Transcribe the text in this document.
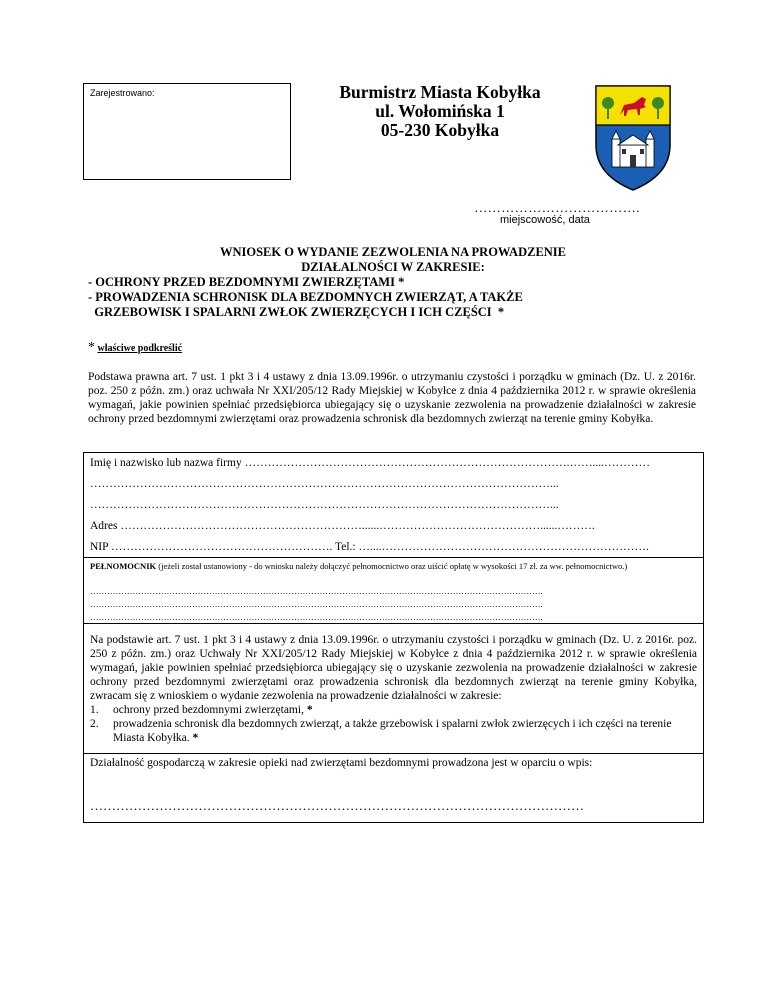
Zarejestrowano:	Burmistrz Miasta Kobyłka
ul. Wołomińska 1
05-230 Kobyłka
……………………………….
miejscowość, data
WNIOSEK O WYDANIE ZEZWOLENIA NA PROWADZENIE
DZIAŁALNOŚCI W ZAKRESIE:
- OCHRONY PRZED BEZDOMNYMI ZWIERZĘTAMI *
- PROWADZENIA SCHRONISK DLA BEZDOMNYCH ZWIERZĄT, A TAKŻE
GRZEBOWISK I SPALARNI ZWŁOK ZWIERZĘCYCH I ICH CZĘŚCI  *
* właściwe podkreślić
Podstawa prawna art. 7 ust. 1 pkt 3 i 4 ustawy z dnia 13.09.1996r. o utrzymaniu czystości i porządku w gminach (Dz. U. z 2016r. poz. 250 z późn. zm.) oraz uchwała Nr XXI/205/12 Rady Miejskiej w Kobyłce z dnia 4 października 2012 r. w sprawie określenia wymagań, jakie powinien spełniać przedsiębiorca ubiegający się o uzyskanie zezwolenia na prowadzenie działalności w zakresie ochrony przed bezdomnymi zwierzętami oraz prowadzenia schronisk dla bezdomnych zwierząt na terenie gminy Kobyłka.
Imię i nazwisko lub nazwa firmy ………………………………………………………………………….……....…………
…………………………………………………………………………………………………………...
…………………………………………………………………………………………………………...
Adres ………………………………………………………......……………………………………......……….
NIP …………………………………………………. Tel.: …....…………………………………………………………….
PEŁNOMOCNIK (jeżeli został ustanowiony - do wniosku należy dołączyć pełnomocnictwo oraz uiścić opłatę w wysokości 17 zł. za ww. pełnomocnictwo.)
…………………………………………………………………………………………………………………………………………….
…………………………………………………………………………………………………………………………………………….
…………………………………………………………………………………………………………………………………………….
Na podstawie art. 7 ust. 1 pkt 3 i 4 ustawy z dnia 13.09.1996r. o utrzymaniu czystości i porządku w gminach (Dz. U. z 2016r. poz. 250 z późn. zm.) oraz Uchwały Nr XXI/205/12 Rady Miejskiej w Kobyłce z dnia 4 października 2012 r. w sprawie określenia wymagań, jakie powinien spełniać przedsiębiorca ubiegający się o uzyskanie zezwolenia na prowadzenie działalności w zakresie ochrony przed bezdomnymi zwierzętami oraz prowadzenia schronisk dla bezdomnych zwierząt na terenie gminy Kobyłka, zwracam się z wnioskiem o wydanie zezwolenia na prowadzenie działalności w zakresie:
1. ochrony przed bezdomnymi zwierzętami, *
2. prowadzenia schronisk dla bezdomnych zwierząt, a także grzebowisk i spalarni zwłok zwierzęcych i ich części na terenie Miasta Kobyłka. *
Działalność gospodarczą w zakresie opieki nad zwierzętami bezdomnymi prowadzona jest w oparciu o wpis:
……………………………………………………………………………………………………
